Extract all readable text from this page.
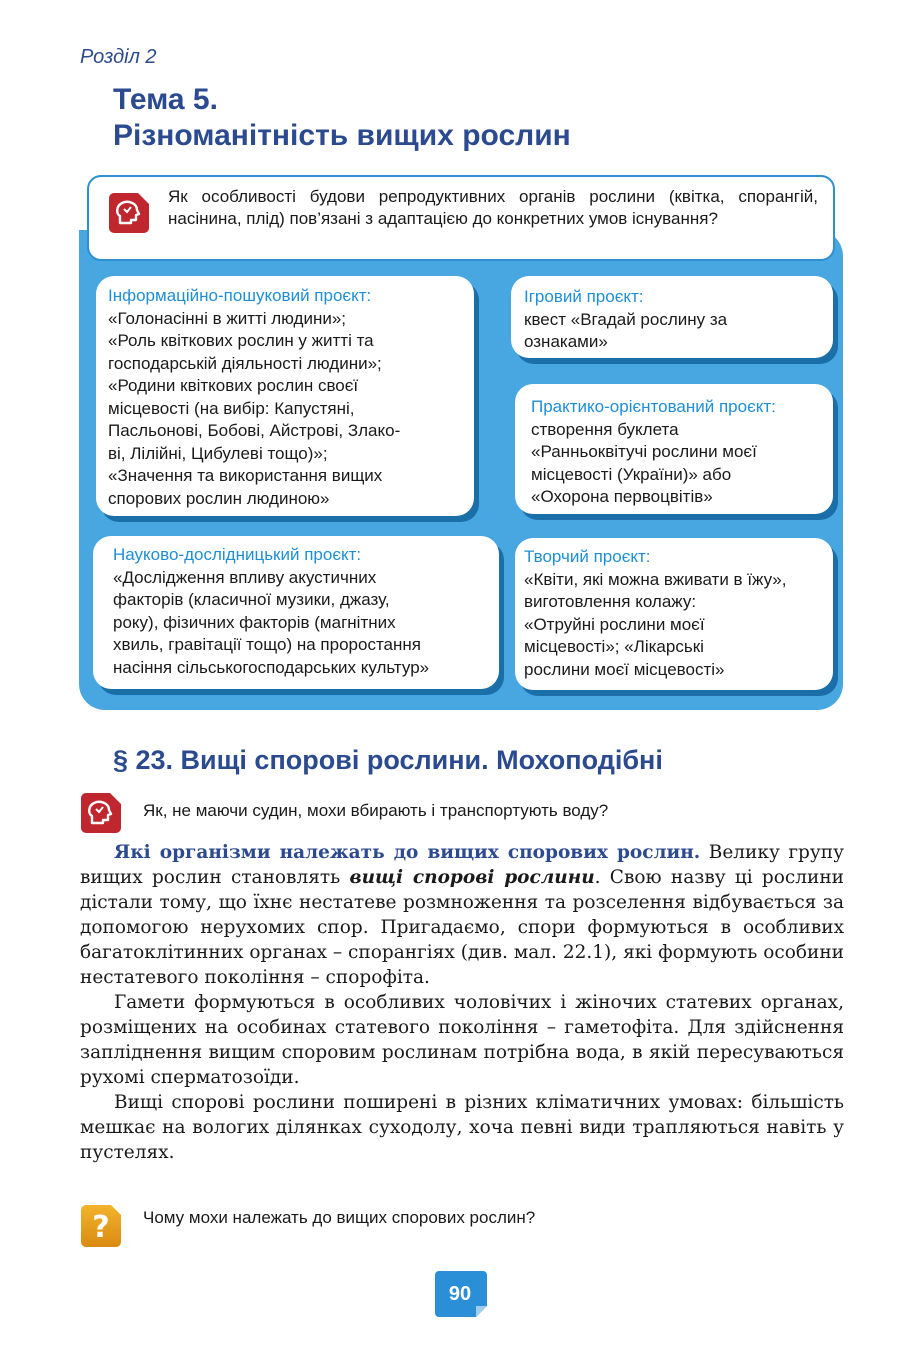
Розділ 2
Тема 5.
Різноманітність вищих рослин
Як особливості будови репродуктивних органів рослини (квітка, спорангій, насінина, плід) пов’язані з адаптацією до конкретних умов існування?
Інформаційно-пошуковий проєкт:
«Голонасінні в житті людини»;
«Роль квіткових рослин у житті та
господарській діяльності людини»;
«Родини квіткових рослин своєї
місцевості (на вибір: Капустяні,
Пасльонові, Бобові, Айстрові, Злако-
ві, Лілійні, Цибулеві тощо)»;
«Значення та використання вищих
спорових рослин людиною»
Ігровий проєкт:
квест «Вгадай рослину за
ознаками»
Практико-орієнтований проєкт:
створення буклета
«Ранньоквітучі рослини моєї
місцевості (України)» або
«Охорона первоцвітів»
Науково-дослідницький проєкт:
«Дослідження впливу акустичних
факторів (класичної музики, джазу,
року), фізичних факторів (магнітних
хвиль, гравітації тощо) на проростання
насіння сільськогосподарських культур»
Творчий проєкт:
«Квіти, які можна вживати в їжу»,
виготовлення колажу:
«Отруйні рослини моєї
місцевості»; «Лікарські
рослини моєї місцевості»
§ 23. Вищі спорові рослини. Мохоподібні
Як, не маючи судин, мохи вбирають і транспортують воду?

Які організми належать до вищих спорових рослин. Велику групу вищих рослин становлять вищі спорові рослини. Свою назву ці рослини дістали тому, що їхнє нестатеве розмноження та розселення відбувається за допомогою нерухомих спор. Пригадаємо, спори формуються в особливих багатоклітинних органах – спорангіях (див. мал. 22.1), які формують особини нестатевого покоління – спорофіта.

Гамети формуються в особливих чоловічих і жіночих статевих органах, розміщених на особинах статевого покоління – гаметофіта. Для здійснення запліднення вищим споровим рослинам потрібна вода, в якій пересуваються рухомі сперматозоїди.

Вищі спорові рослини поширені в різних кліматичних умовах: більшість мешкає на вологих ділянках суходолу, хоча певні види трапляються навіть у пустелях.

? Чому мохи належать до вищих спорових рослин?
90
